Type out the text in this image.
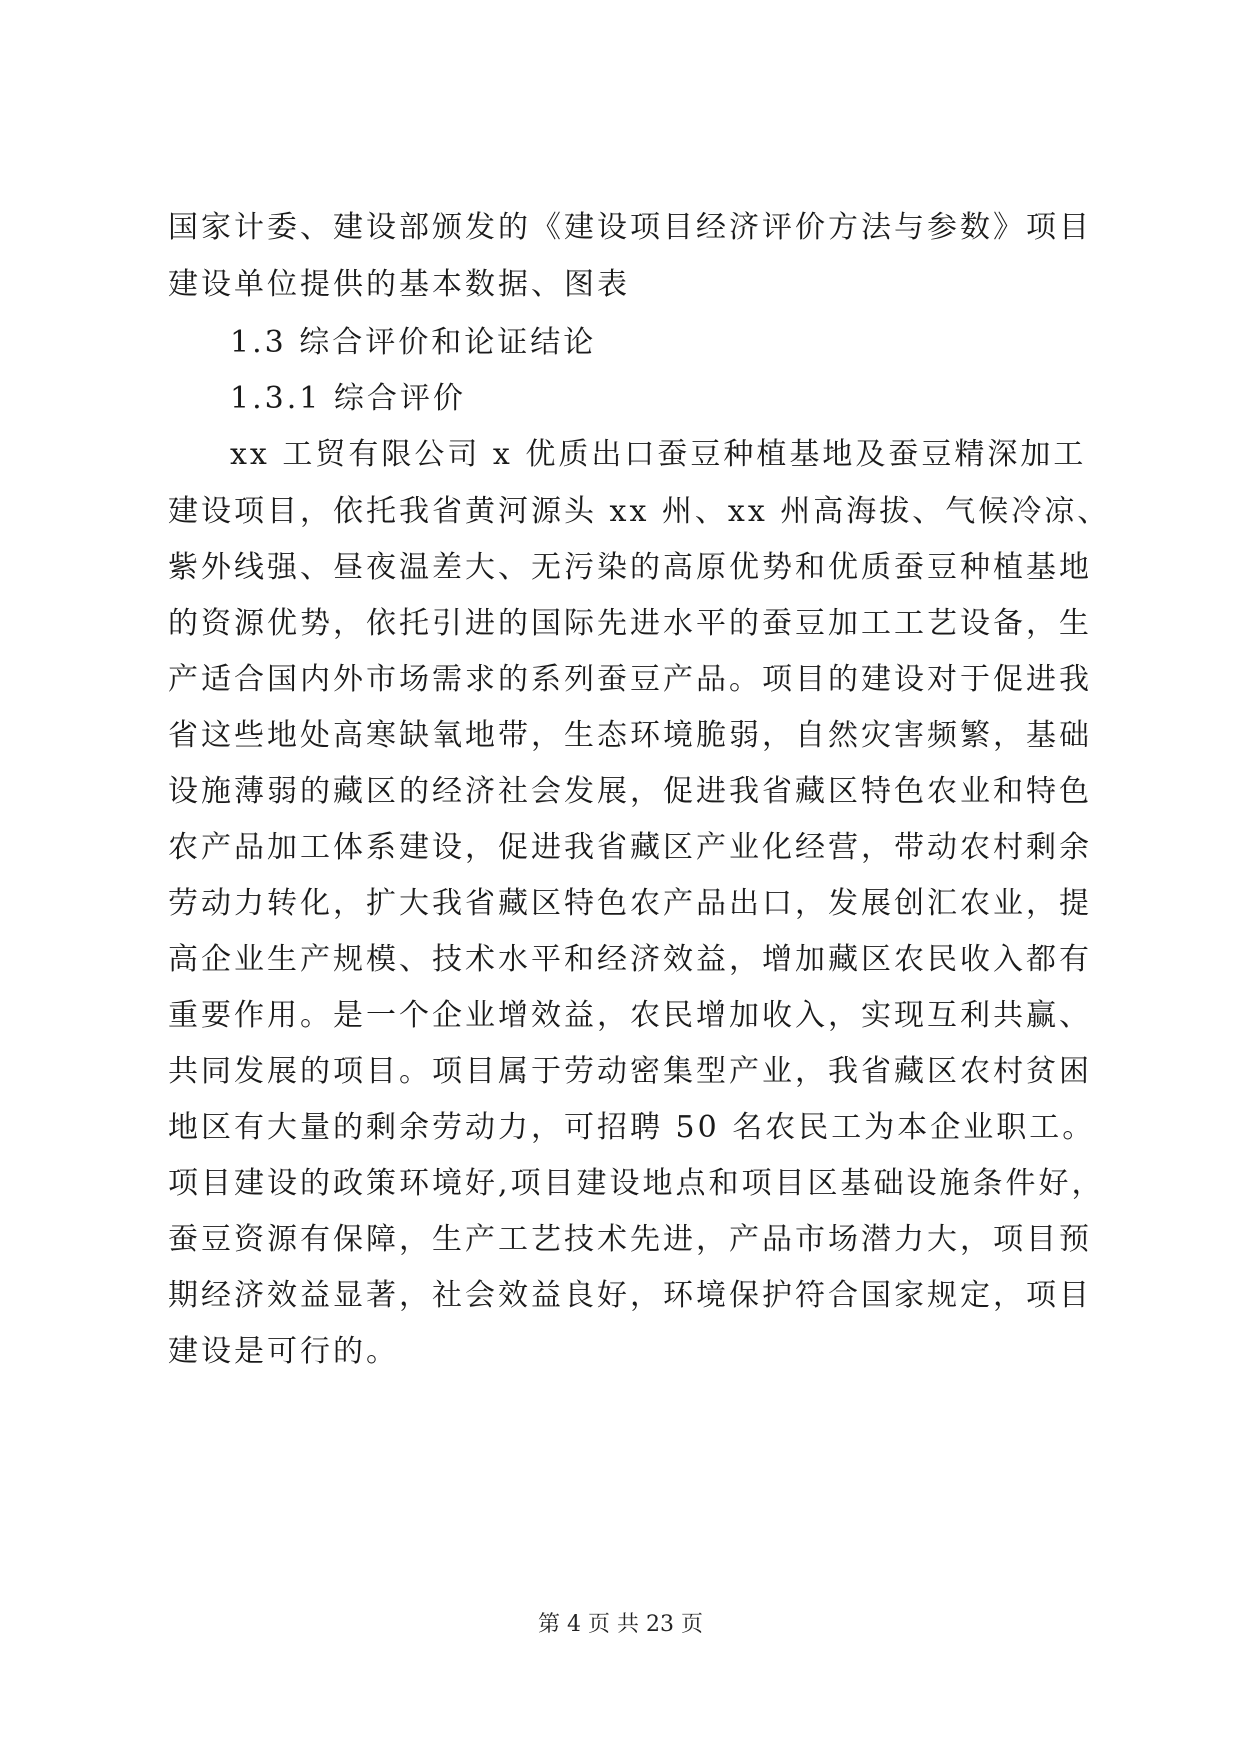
国家计委、建设部颁发的《建设项目经济评价方法与参数》项目
建设单位提供的基本数据、图表
1.3 综合评价和论证结论
1.3.1 综合评价
xx 工贸有限公司 x 优质出口蚕豆种植基地及蚕豆精深加工
建设项目，依托我省黄河源头 xx 州、xx 州高海拔、气候冷凉、
紫外线强、昼夜温差大、无污染的高原优势和优质蚕豆种植基地
的资源优势，依托引进的国际先进水平的蚕豆加工工艺设备，生
产适合国内外市场需求的系列蚕豆产品。项目的建设对于促进我
省这些地处高寒缺氧地带，生态环境脆弱，自然灾害频繁，基础
设施薄弱的藏区的经济社会发展，促进我省藏区特色农业和特色
农产品加工体系建设，促进我省藏区产业化经营，带动农村剩余
劳动力转化，扩大我省藏区特色农产品出口，发展创汇农业，提
高企业生产规模、技术水平和经济效益，增加藏区农民收入都有
重要作用。是一个企业增效益，农民增加收入，实现互利共赢、
共同发展的项目。项目属于劳动密集型产业，我省藏区农村贫困
地区有大量的剩余劳动力，可招聘 50 名农民工为本企业职工。
项目建设的政策环境好,项目建设地点和项目区基础设施条件好，
蚕豆资源有保障，生产工艺技术先进，产品市场潜力大，项目预
期经济效益显著，社会效益良好，环境保护符合国家规定，项目
建设是可行的。
第 4 页 共 23 页
